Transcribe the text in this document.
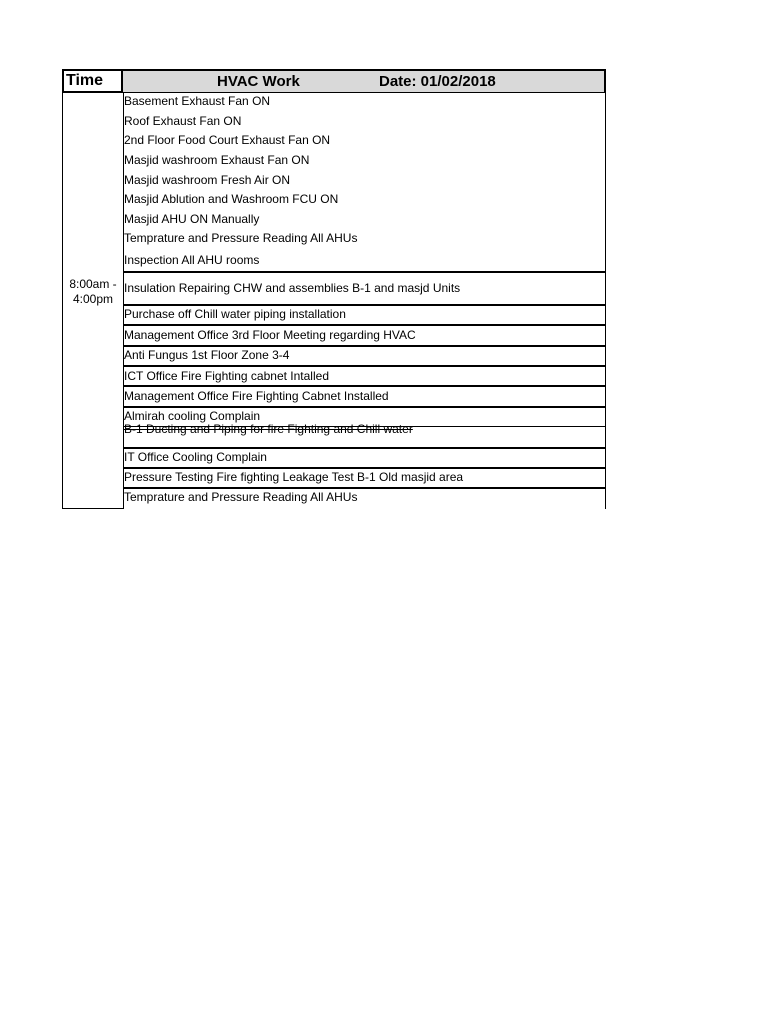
Time	HVAC Work	Date: 01/02/2018
8:00am -
4:00pm
Basement Exhaust Fan ON
Roof Exhaust Fan ON
2nd Floor Food Court Exhaust Fan ON
Masjid washroom Exhaust Fan ON
Masjid washroom Fresh Air ON
Masjid Ablution and Washroom FCU ON
Masjid AHU ON Manually
Temprature and Pressure Reading All AHUs
Inspection All AHU rooms
Insulation Repairing CHW and assemblies B-1 and masjd Units
Purchase off Chill water piping installation
Management Office 3rd Floor Meeting regarding HVAC
Anti Fungus 1st Floor Zone 3-4
ICT Office Fire Fighting cabnet Intalled
Management Office Fire Fighting Cabnet Installed
Almirah cooling Complain
B-1 Ducting and Piping for fire Fighting and Chill water
IT Office Cooling Complain
Pressure Testing Fire fighting Leakage Test B-1 Old masjid area
Temprature and Pressure Reading All AHUs
